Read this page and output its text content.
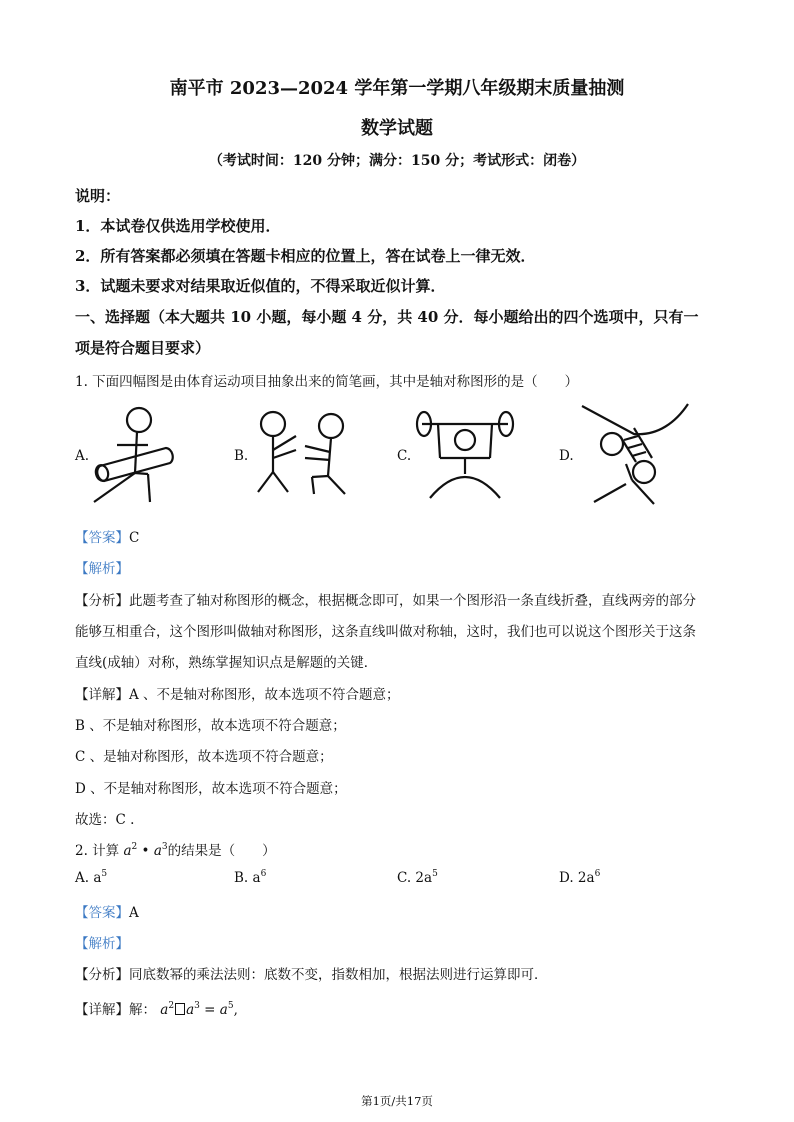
南平市 2023—2024 学年第一学期八年级期末质量抽测
数学试题
（考试时间：120 分钟；满分：150 分；考试形式：闭卷）
说明：
1．本试卷仅供选用学校使用．
2．所有答案都必须填在答题卡相应的位置上，答在试卷上一律无效．
3．试题未要求对结果取近似值的，不得采取近似计算．
一、选择题（本大题共 10 小题，每小题 4 分，共 40 分．每小题给出的四个选项中，只有一
项是符合题目要求）
1. 下面四幅图是由体育运动项目抽象出来的简笔画，其中是轴对称图形的是（　　）
A.	B.	C.	D.
【答案】C
【解析】
【分析】此题考查了轴对称图形的概念，根据概念即可，如果一个图形沿一条直线折叠，直线两旁的部分
能够互相重合，这个图形叫做轴对称图形，这条直线叫做对称轴，这时，我们也可以说这个图形关于这条
直线(成轴）对称，熟练掌握知识点是解题的关键．
【详解】A 、不是轴对称图形，故本选项不符合题意；
B 、不是轴对称图形，故本选项不符合题意；
C 、是轴对称图形，故本选项不符合题意；
D 、不是轴对称图形，故本选项不符合题意；
故选：C .
2. 计算 $a^2$ • $a^3$的结果是（　　）
A. $a^5$	B. $a^6$	C. $2a^5$	D. $2a^6$
【答案】A
【解析】
【分析】同底数幂的乘法法则：底数不变，指数相加，根据法则进行运算即可．
【详解】解： $a^2$ $a^3 = a^5$,
第1页/共17页
